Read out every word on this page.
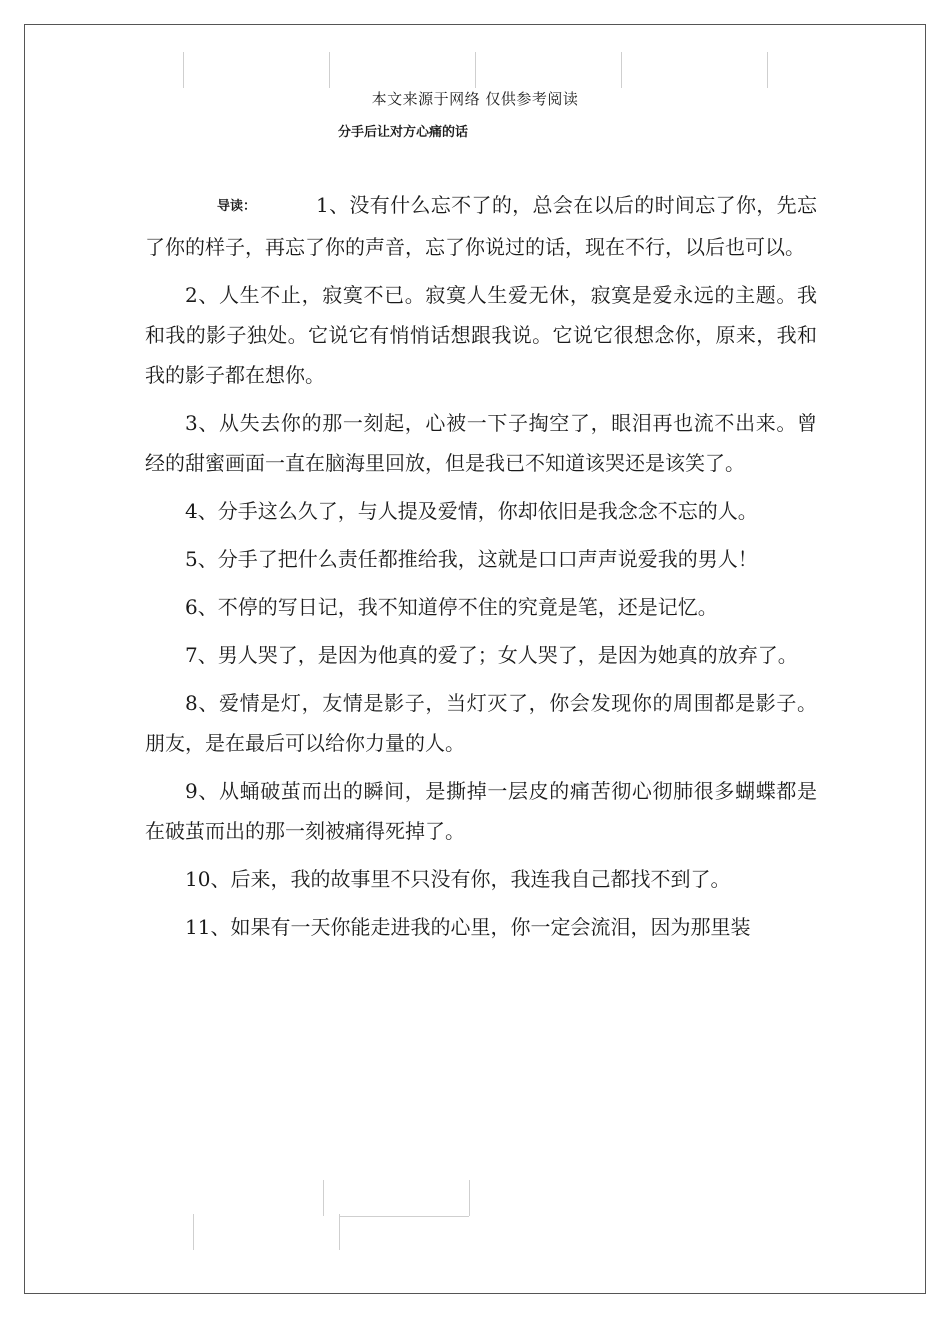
本文来源于网络 仅供参考阅读
分手后让对方心痛的话

导读：	1、没有什么忘不了的，总会在以后的时间忘了你，先忘了你的样子，再忘了你的声音，忘了你说过的话，现在不行，以后也可以。

2、人生不止，寂寞不已。寂寞人生爱无休，寂寞是爱永远的主题。我和我的影子独处。它说它有悄悄话想跟我说。它说它很想念你，原来，我和我的影子都在想你。

3、从失去你的那一刻起，心被一下子掏空了，眼泪再也流不出来。曾经的甜蜜画面一直在脑海里回放，但是我已不知道该哭还是该笑了。

4、分手这么久了，与人提及爱情，你却依旧是我念念不忘的人。

5、分手了把什么责任都推给我，这就是口口声声说爱我的男人！

6、不停的写日记，我不知道停不住的究竟是笔，还是记忆。

7、男人哭了，是因为他真的爱了；女人哭了，是因为她真的放弃了。

8、爱情是灯，友情是影子，当灯灭了，你会发现你的周围都是影子。朋友，是在最后可以给你力量的人。

9、从蛹破茧而出的瞬间，是撕掉一层皮的痛苦彻心彻肺很多蝴蝶都是在破茧而出的那一刻被痛得死掉了。

10、后来，我的故事里不只没有你，我连我自己都找不到了。

11、如果有一天你能走进我的心里，你一定会流泪，因为那里装
